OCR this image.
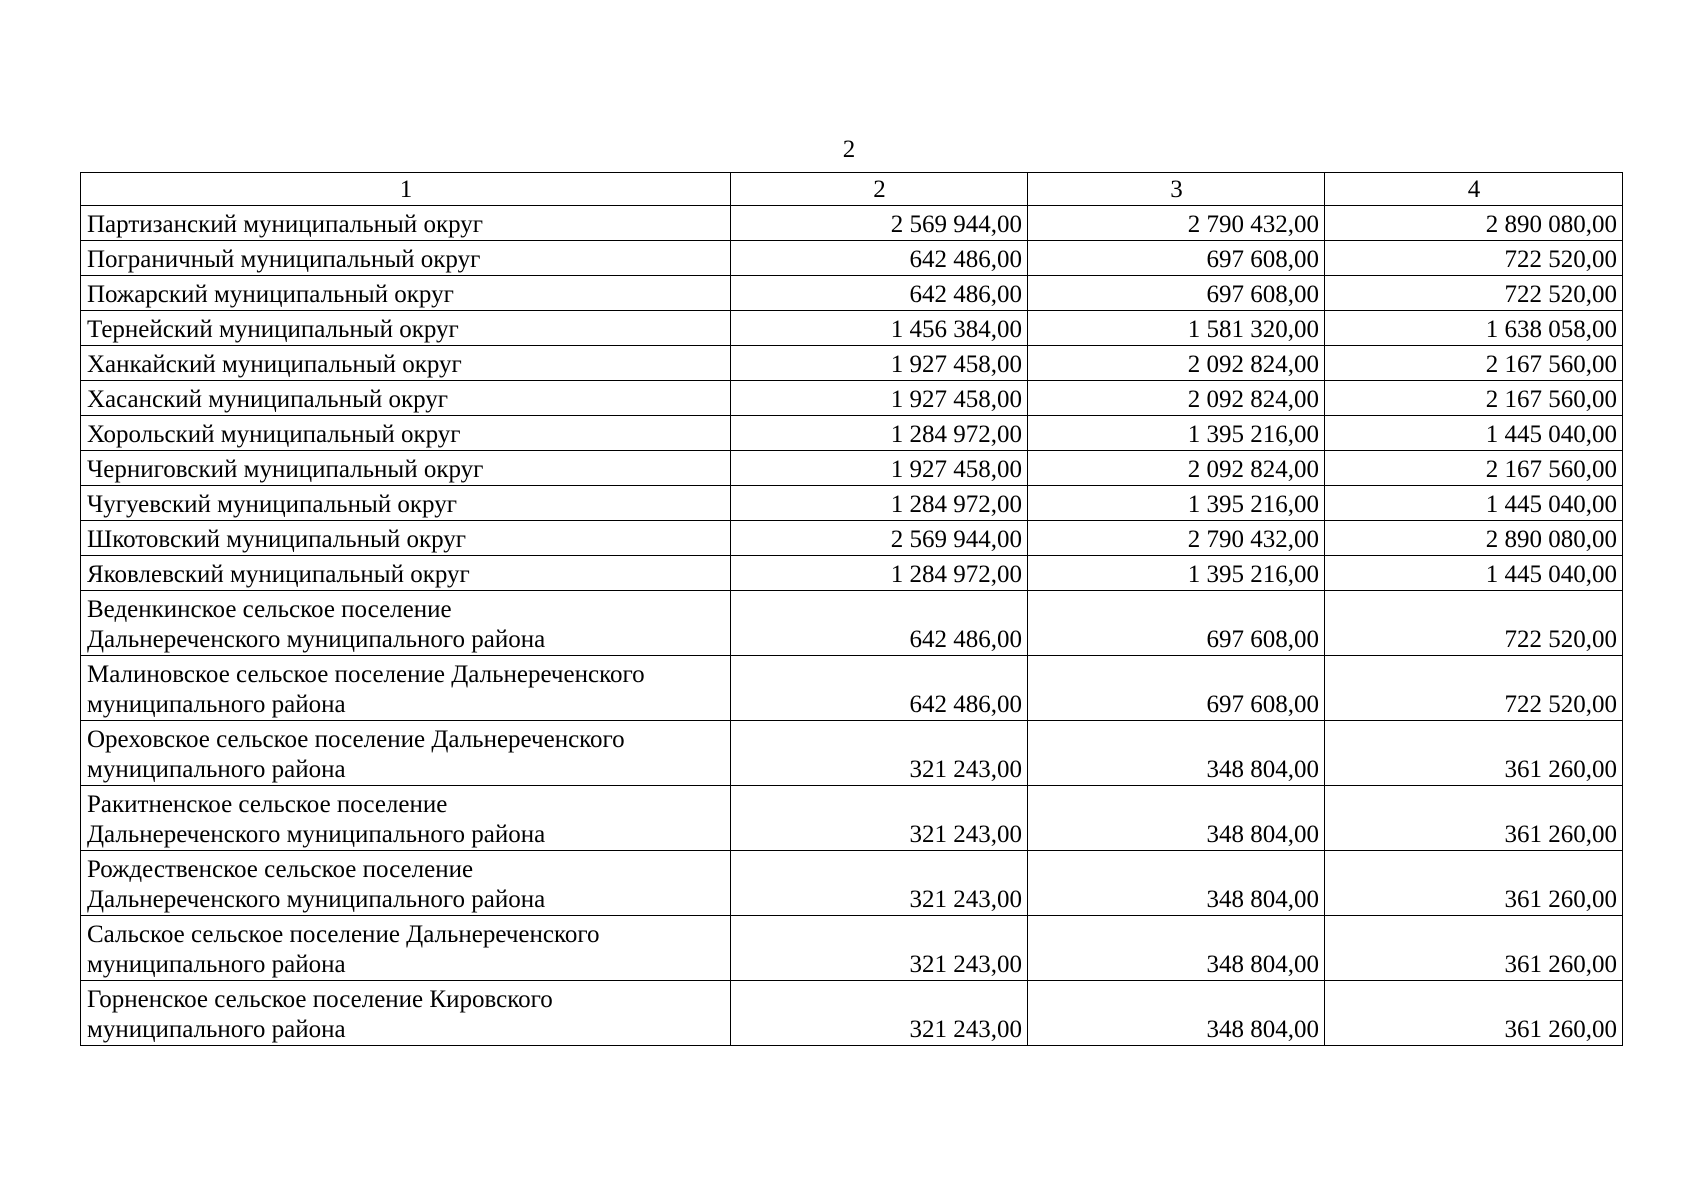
2
1	2	3	4

Партизанский муниципальный округ	2 569 944,00	2 790 432,00	2 890 080,00

Пограничный муниципальный округ	642 486,00	697 608,00	722 520,00

Пожарский муниципальный округ	642 486,00	697 608,00	722 520,00

Тернейский муниципальный округ	1 456 384,00	1 581 320,00	1 638 058,00

Ханкайский муниципальный округ	1 927 458,00	2 092 824,00	2 167 560,00

Хасанский муниципальный округ	1 927 458,00	2 092 824,00	2 167 560,00

Хорольский муниципальный округ	1 284 972,00	1 395 216,00	1 445 040,00

Черниговский муниципальный округ	1 927 458,00	2 092 824,00	2 167 560,00

Чугуевский муниципальный округ	1 284 972,00	1 395 216,00	1 445 040,00

Шкотовский муниципальный округ	2 569 944,00	2 790 432,00	2 890 080,00

Яковлевский муниципальный округ	1 284 972,00	1 395 216,00	1 445 040,00

Веденкинское сельское поселение
Дальнереченского муниципального района	642 486,00	697 608,00	722 520,00

Малиновское сельское поселение Дальнереченского
муниципального района	642 486,00	697 608,00	722 520,00

Ореховское сельское поселение Дальнереченского
муниципального района	321 243,00	348 804,00	361 260,00

Ракитненское сельское поселение
Дальнереченского муниципального района	321 243,00	348 804,00	361 260,00

Рождественское сельское поселение
Дальнереченского муниципального района	321 243,00	348 804,00	361 260,00

Сальское сельское поселение Дальнереченского
муниципального района	321 243,00	348 804,00	361 260,00

Горненское сельское поселение Кировского
муниципального района	321 243,00	348 804,00	361 260,00
